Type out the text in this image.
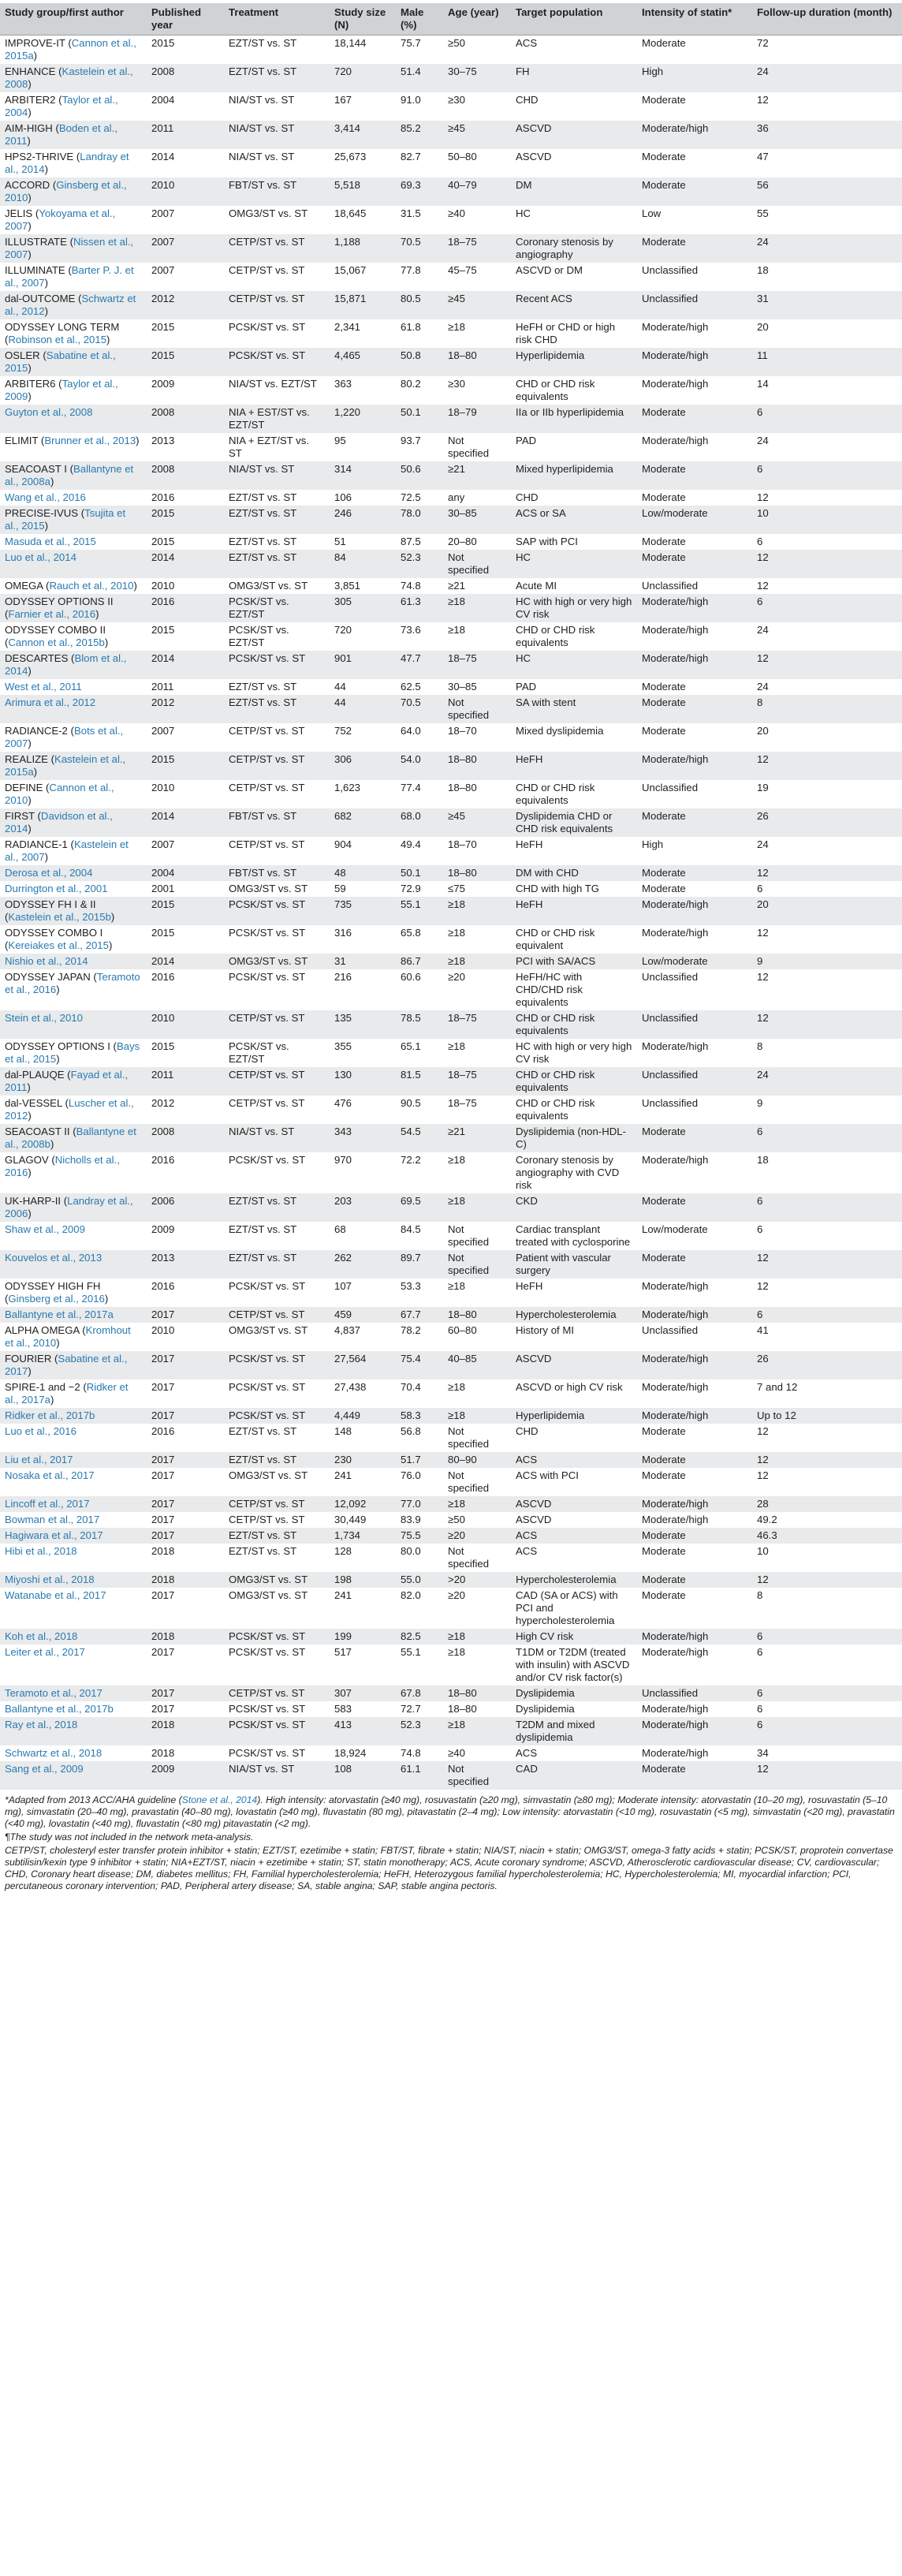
Study group/first author	Published year	Treatment	Study size (N)	Male (%)	Age (year)	Target population	Intensity of statin*	Follow-up duration (month)
IMPROVE-IT (Cannon et al., 2015a)	2015	EZT/ST vs. ST	18,144	75.7	≥50	ACS	Moderate	72
ENHANCE (Kastelein et al., 2008)	2008	EZT/ST vs. ST	720	51.4	30–75	FH	High	24
ARBITER2 (Taylor et al., 2004)	2004	NIA/ST vs. ST	167	91.0	≥30	CHD	Moderate	12
AIM-HIGH (Boden et al., 2011)	2011	NIA/ST vs. ST	3,414	85.2	≥45	ASCVD	Moderate/high	36
HPS2-THRIVE (Landray et al., 2014)	2014	NIA/ST vs. ST	25,673	82.7	50–80	ASCVD	Moderate	47
ACCORD (Ginsberg et al., 2010)	2010	FBT/ST vs. ST	5,518	69.3	40–79	DM	Moderate	56
JELIS (Yokoyama et al., 2007)	2007	OMG3/ST vs. ST	18,645	31.5	≥40	HC	Low	55
ILLUSTRATE (Nissen et al., 2007)	2007	CETP/ST vs. ST	1,188	70.5	18–75	Coronary stenosis by angiography	Moderate	24
ILLUMINATE (Barter P. J. et al., 2007)	2007	CETP/ST vs. ST	15,067	77.8	45–75	ASCVD or DM	Unclassified	18
dal-OUTCOME (Schwartz et al., 2012)	2012	CETP/ST vs. ST	15,871	80.5	≥45	Recent ACS	Unclassified	31
ODYSSEY LONG TERM (Robinson et al., 2015)	2015	PCSK/ST vs. ST	2,341	61.8	≥18	HeFH or CHD or high risk CHD	Moderate/high	20
OSLER (Sabatine et al., 2015)	2015	PCSK/ST vs. ST	4,465	50.8	18–80	Hyperlipidemia	Moderate/high	11
ARBITER6 (Taylor et al., 2009)	2009	NIA/ST vs. EZT/ST	363	80.2	≥30	CHD or CHD risk equivalents	Moderate/high	14
Guyton et al., 2008	2008	NIA + EST/ST vs. EZT/ST	1,220	50.1	18–79	IIa or IIb hyperlipidemia	Moderate	6
ELIMIT (Brunner et al., 2013)	2013	NIA + EZT/ST vs. ST	95	93.7	Not specified	PAD	Moderate/high	24
SEACOAST I (Ballantyne et al., 2008a)	2008	NIA/ST vs. ST	314	50.6	≥21	Mixed hyperlipidemia	Moderate	6
Wang et al., 2016	2016	EZT/ST vs. ST	106	72.5	any	CHD	Moderate	12
PRECISE-IVUS (Tsujita et al., 2015)	2015	EZT/ST vs. ST	246	78.0	30–85	ACS or SA	Low/moderate	10
Masuda et al., 2015	2015	EZT/ST vs. ST	51	87.5	20–80	SAP with PCI	Moderate	6
Luo et al., 2014	2014	EZT/ST vs. ST	84	52.3	Not specified	HC	Moderate	12
OMEGA (Rauch et al., 2010)	2010	OMG3/ST vs. ST	3,851	74.8	≥21	Acute MI	Unclassified	12
ODYSSEY OPTIONS II (Farnier et al., 2016)	2016	PCSK/ST vs. EZT/ST	305	61.3	≥18	HC with high or very high CV risk	Moderate/high	6
ODYSSEY COMBO II (Cannon et al., 2015b)	2015	PCSK/ST vs. EZT/ST	720	73.6	≥18	CHD or CHD risk equivalents	Moderate/high	24
DESCARTES (Blom et al., 2014)	2014	PCSK/ST vs. ST	901	47.7	18–75	HC	Moderate/high	12
West et al., 2011	2011	EZT/ST vs. ST	44	62.5	30–85	PAD	Moderate	24
Arimura et al., 2012	2012	EZT/ST vs. ST	44	70.5	Not specified	SA with stent	Moderate	8
RADIANCE-2 (Bots et al., 2007)	2007	CETP/ST vs. ST	752	64.0	18–70	Mixed dyslipidemia	Moderate	20
REALIZE (Kastelein et al., 2015a)	2015	CETP/ST vs. ST	306	54.0	18–80	HeFH	Moderate/high	12
DEFINE (Cannon et al., 2010)	2010	CETP/ST vs. ST	1,623	77.4	18–80	CHD or CHD risk equivalents	Unclassified	19
FIRST (Davidson et al., 2014)	2014	FBT/ST vs. ST	682	68.0	≥45	Dyslipidemia CHD or CHD risk equivalents	Moderate	26
RADIANCE-1 (Kastelein et al., 2007)	2007	CETP/ST vs. ST	904	49.4	18–70	HeFH	High	24
Derosa et al., 2004	2004	FBT/ST vs. ST	48	50.1	18–80	DM with CHD	Moderate	12
Durrington et al., 2001	2001	OMG3/ST vs. ST	59	72.9	≤75	CHD with high TG	Moderate	6
ODYSSEY FH I & II (Kastelein et al., 2015b)	2015	PCSK/ST vs. ST	735	55.1	≥18	HeFH	Moderate/high	20
ODYSSEY COMBO I (Kereiakes et al., 2015)	2015	PCSK/ST vs. ST	316	65.8	≥18	CHD or CHD risk equivalent	Moderate/high	12
Nishio et al., 2014	2014	OMG3/ST vs. ST	31	86.7	≥18	PCI with SA/ACS	Low/moderate	9
ODYSSEY JAPAN (Teramoto et al., 2016)	2016	PCSK/ST vs. ST	216	60.6	≥20	HeFH/HC with CHD/CHD risk equivalents	Unclassified	12
Stein et al., 2010	2010	CETP/ST vs. ST	135	78.5	18–75	CHD or CHD risk equivalents	Unclassified	12
ODYSSEY OPTIONS I (Bays et al., 2015)	2015	PCSK/ST vs. EZT/ST	355	65.1	≥18	HC with high or very high CV risk	Moderate/high	8
dal-PLAUQE (Fayad et al., 2011)	2011	CETP/ST vs. ST	130	81.5	18–75	CHD or CHD risk equivalents	Unclassified	24
dal-VESSEL (Luscher et al., 2012)	2012	CETP/ST vs. ST	476	90.5	18–75	CHD or CHD risk equivalents	Unclassified	9
SEACOAST II (Ballantyne et al., 2008b)	2008	NIA/ST vs. ST	343	54.5	≥21	Dyslipidemia (non-HDL-C)	Moderate	6
GLAGOV (Nicholls et al., 2016)	2016	PCSK/ST vs. ST	970	72.2	≥18	Coronary stenosis by angiography with CVD risk	Moderate/high	18
UK-HARP-II (Landray et al., 2006)	2006	EZT/ST vs. ST	203	69.5	≥18	CKD	Moderate	6
Shaw et al., 2009	2009	EZT/ST vs. ST	68	84.5	Not specified	Cardiac transplant treated with cyclosporine	Low/moderate	6
Kouvelos et al., 2013	2013	EZT/ST vs. ST	262	89.7	Not specified	Patient with vascular surgery	Moderate	12
ODYSSEY HIGH FH (Ginsberg et al., 2016)	2016	PCSK/ST vs. ST	107	53.3	≥18	HeFH	Moderate/high	12
Ballantyne et al., 2017a	2017	CETP/ST vs. ST	459	67.7	18–80	Hypercholesterolemia	Moderate/high	6
ALPHA OMEGA (Kromhout et al., 2010)	2010	OMG3/ST vs. ST	4,837	78.2	60–80	History of MI	Unclassified	41
FOURIER (Sabatine et al., 2017)	2017	PCSK/ST vs. ST	27,564	75.4	40–85	ASCVD	Moderate/high	26
SPIRE-1 and −2 (Ridker et al., 2017a)	2017	PCSK/ST vs. ST	27,438	70.4	≥18	ASCVD or high CV risk	Moderate/high	7 and 12
Ridker et al., 2017b	2017	PCSK/ST vs. ST	4,449	58.3	≥18	Hyperlipidemia	Moderate/high	Up to 12
Luo et al., 2016	2016	EZT/ST vs. ST	148	56.8	Not specified	CHD	Moderate	12
Liu et al., 2017	2017	EZT/ST vs. ST	230	51.7	80–90	ACS	Moderate	12
Nosaka et al., 2017	2017	OMG3/ST vs. ST	241	76.0	Not specified	ACS with PCI	Moderate	12
Lincoff et al., 2017	2017	CETP/ST vs. ST	12,092	77.0	≥18	ASCVD	Moderate/high	28
Bowman et al., 2017	2017	CETP/ST vs. ST	30,449	83.9	≥50	ASCVD	Moderate/high	49.2
Hagiwara et al., 2017	2017	EZT/ST vs. ST	1,734	75.5	≥20	ACS	Moderate	46.3
Hibi et al., 2018	2018	EZT/ST vs. ST	128	80.0	Not specified	ACS	Moderate	10
Miyoshi et al., 2018	2018	OMG3/ST vs. ST	198	55.0	>20	Hypercholesterolemia	Moderate	12
Watanabe et al., 2017	2017	OMG3/ST vs. ST	241	82.0	≥20	CAD (SA or ACS) with PCI and hypercholesterolemia	Moderate	8
Koh et al., 2018	2018	PCSK/ST vs. ST	199	82.5	≥18	High CV risk	Moderate/high	6
Leiter et al., 2017	2017	PCSK/ST vs. ST	517	55.1	≥18	T1DM or T2DM (treated with insulin) with ASCVD and/or CV risk factor(s)	Moderate/high	6
Teramoto et al., 2017	2017	CETP/ST vs. ST	307	67.8	18–80	Dyslipidemia	Unclassified	6
Ballantyne et al., 2017b	2017	PCSK/ST vs. ST	583	72.7	18–80	Dyslipidemia	Moderate/high	6
Ray et al., 2018	2018	PCSK/ST vs. ST	413	52.3	≥18	T2DM and mixed dyslipidemia	Moderate/high	6
Schwartz et al., 2018	2018	PCSK/ST vs. ST	18,924	74.8	≥40	ACS	Moderate/high	34
Sang et al., 2009	2009	NIA/ST vs. ST	108	61.1	Not specified	CAD	Moderate	12

*Adapted from 2013 ACC/AHA guideline (Stone et al., 2014). High intensity: atorvastatin (≥40 mg), rosuvastatin (≥20 mg), simvastatin (≥80 mg); Moderate intensity: atorvastatin (10–20 mg), rosuvastatin (5–10 mg), simvastatin (20–40 mg), pravastatin (40–80 mg), lovastatin (≥40 mg), fluvastatin (80 mg), pitavastatin (2–4 mg); Low intensity: atorvastatin (<10 mg), rosuvastatin (<5 mg), simvastatin (<20 mg), pravastatin (<40 mg), lovastatin (<40 mg), fluvastatin (<80 mg) pitavastatin (<2 mg).

¶The study was not included in the network meta-analysis.

CETP/ST, cholesteryl ester transfer protein inhibitor + statin; EZT/ST, ezetimibe + statin; FBT/ST, fibrate + statin; NIA/ST, niacin + statin; OMG3/ST, omega-3 fatty acids + statin; PCSK/ST, proprotein convertase subtilisin/kexin type 9 inhibitor + statin; NIA+EZT/ST, niacin + ezetimibe + statin; ST, statin monotherapy; ACS, Acute coronary syndrome; ASCVD, Atherosclerotic cardiovascular disease; CV, cardiovascular; CHD, Coronary heart disease; DM, diabetes mellitus; FH, Familial hypercholesterolemia; HeFH, Heterozygous familial hypercholesterolemia; HC, Hypercholesterolemia; MI, myocardial infarction; PCI, percutaneous coronary intervention; PAD, Peripheral artery disease; SA, stable angina; SAP, stable angina pectoris.
